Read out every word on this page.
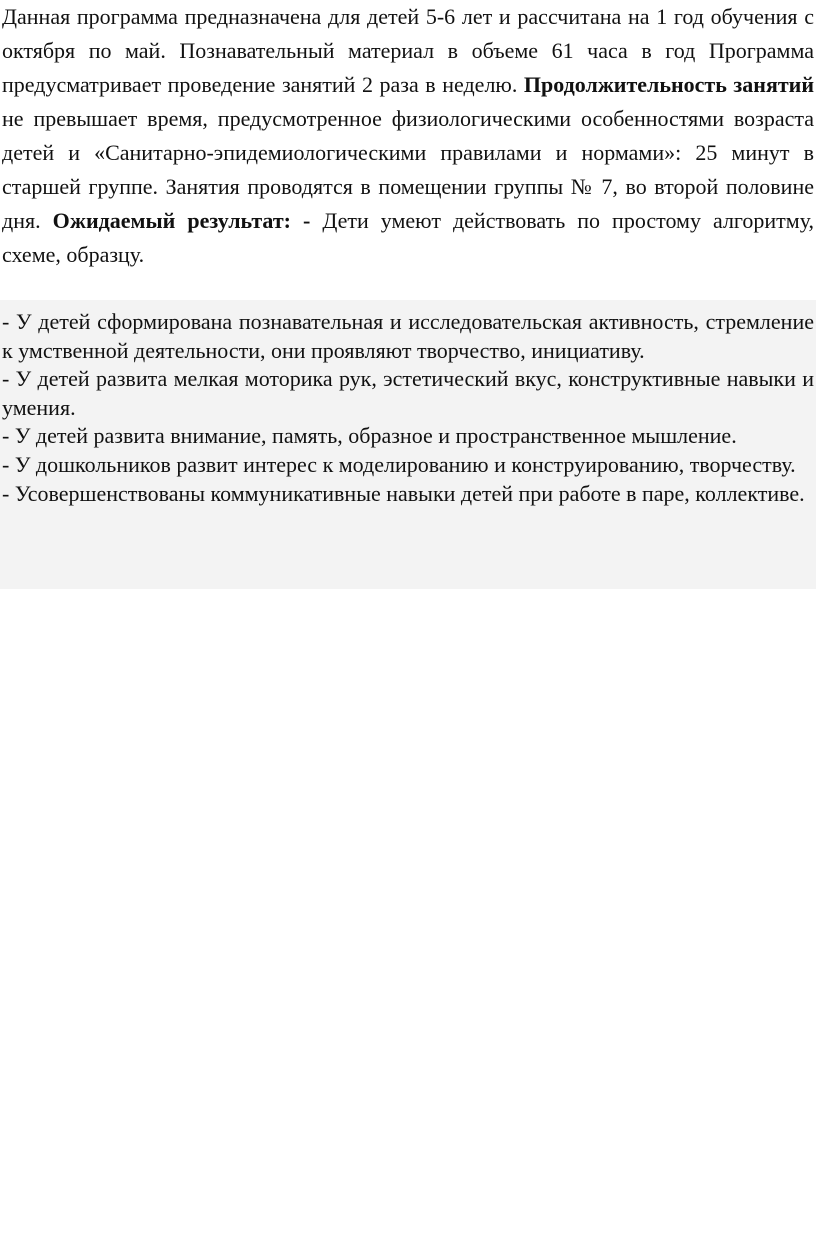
Данная программа предназначена для детей 5-6 лет и рассчитана на 1 год обучения с октября по май. Познавательный материал в объеме 61 часа в год Программа предусматривает проведение занятий 2 раза в неделю. Продолжительность занятий не превышает время, предусмотренное физиологическими особенностями возраста детей и «Санитарно-эпидемиологическими правилами и нормами»: 25 минут в старшей группе. Занятия проводятся в помещении группы № 7, во второй половине дня. Ожидаемый результат: - Дети умеют действовать по простому алгоритму, схеме, образцу.

- У детей сформирована познавательная и исследовательская активность, стремление к умственной деятельности, они проявляют творчество, инициативу.

- У детей развита мелкая моторика рук, эстетический вкус, конструктивные навыки и умения.

- У детей развита внимание, память, образное и пространственное мышление.

- У дошкольников развит интерес к моделированию и конструированию, творчеству.

- Усовершенствованы коммуникативные навыки детей при работе в паре, коллективе.
